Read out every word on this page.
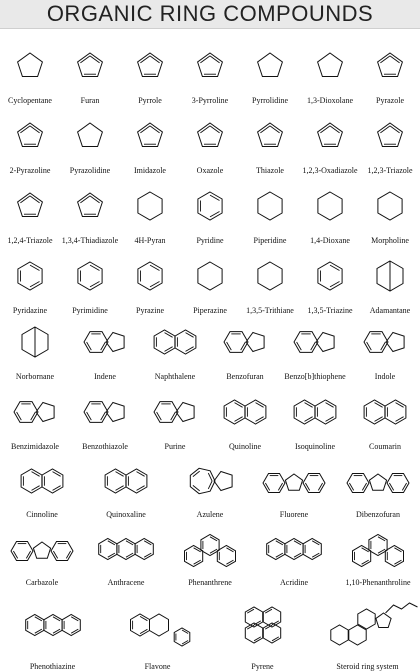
ORGANIC RING COMPOUNDS
Cyclopentane	Furan	Pyrrole	3-Pyrroline	Pyrrolidine	1,3-Dioxolane	Pyrazole
2-Pyrazoline	Pyrazolidine	Imidazole	Oxazole	Thiazole	1,2,3-Oxadiazole	1,2,3-Triazole
1,2,4-Triazole	1,3,4-Thiadiazole	4H-Pyran	Pyridine	Piperidine	1,4-Dioxane	Morpholine
Pyridazine	Pyrimidine	Pyrazine	Piperazine	1,3,5-Trithiane	1,3,5-Triazine	Adamantane
Norbornane	Indene	Naphthalene	Benzofuran	Benzo[b]thiophene	Indole
Benzimidazole	Benzothiazole	Purine	Quinoline	Isoquinoline	Coumarin
Cinnoline	Quinoxaline	Azulene	Fluorene	Dibenzofuran
Carbazole	Anthracene	Phenanthrene	Acridine	1,10-Phenanthroline
Phenothiazine	Flavone	Pyrene	Steroid ring system
